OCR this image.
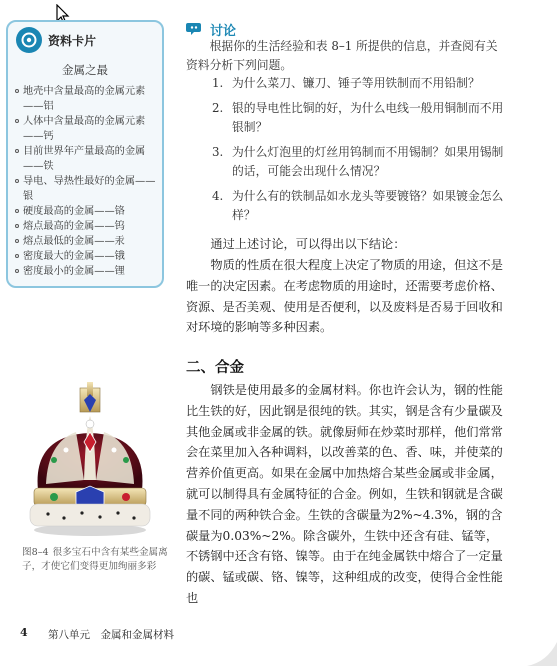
资料卡片
金属之最
地壳中含量最高的金属元素——铝
人体中含量最高的金属元素——钙
目前世界年产量最高的金属——铁
导电、导热性最好的金属——银
硬度最高的金属——铬
熔点最高的金属——钨
熔点最低的金属——汞
密度最大的金属——锇
密度最小的金属——锂
讨论
根据你的生活经验和表 8–1 所提供的信息，并查阅有关资料分析下列问题。
1. 为什么菜刀、镰刀、锤子等用铁制而不用铅制？
2. 银的导电性比铜的好，为什么电线一般用铜制而不用银制？
3. 为什么灯泡里的灯丝用钨制而不用锡制？如果用锡制的话，可能会出现什么情况？
4. 为什么有的铁制品如水龙头等要镀铬？如果镀金怎么样？
通过上述讨论，可以得出以下结论：
物质的性质在很大程度上决定了物质的用途，但这不是唯一的决定因素。在考虑物质的用途时，还需要考虑价格、资源、是否美观、使用是否便利，以及废料是否易于回收和对环境的影响等多种因素。
二、合金
钢铁是使用最多的金属材料。你也许会认为，钢的性能比生铁的好，因此钢是很纯的铁。其实，钢是含有少量碳及其他金属或非金属的铁。就像厨师在炒菜时那样，他们常常会在菜里加入各种调料，以改善菜的色、香、味，并使菜的营养价值更高。如果在金属中加热熔合某些金属或非金属，就可以制得具有金属特征的合金。例如，生铁和钢就是含碳量不同的两种铁合金。生铁的含碳量为2%~4.3%，钢的含碳量为0.03%~2%。除含碳外，生铁中还含有硅、锰等，不锈钢中还含有铬、镍等。由于在纯金属铁中熔合了一定量的碳、锰或碳、铬、镍等，这种组成的改变，使得合金性能也
图8–4 很多宝石中含有某些金属离子，才使它们变得更加绚丽多彩
4 第八单元　金属和金属材料
